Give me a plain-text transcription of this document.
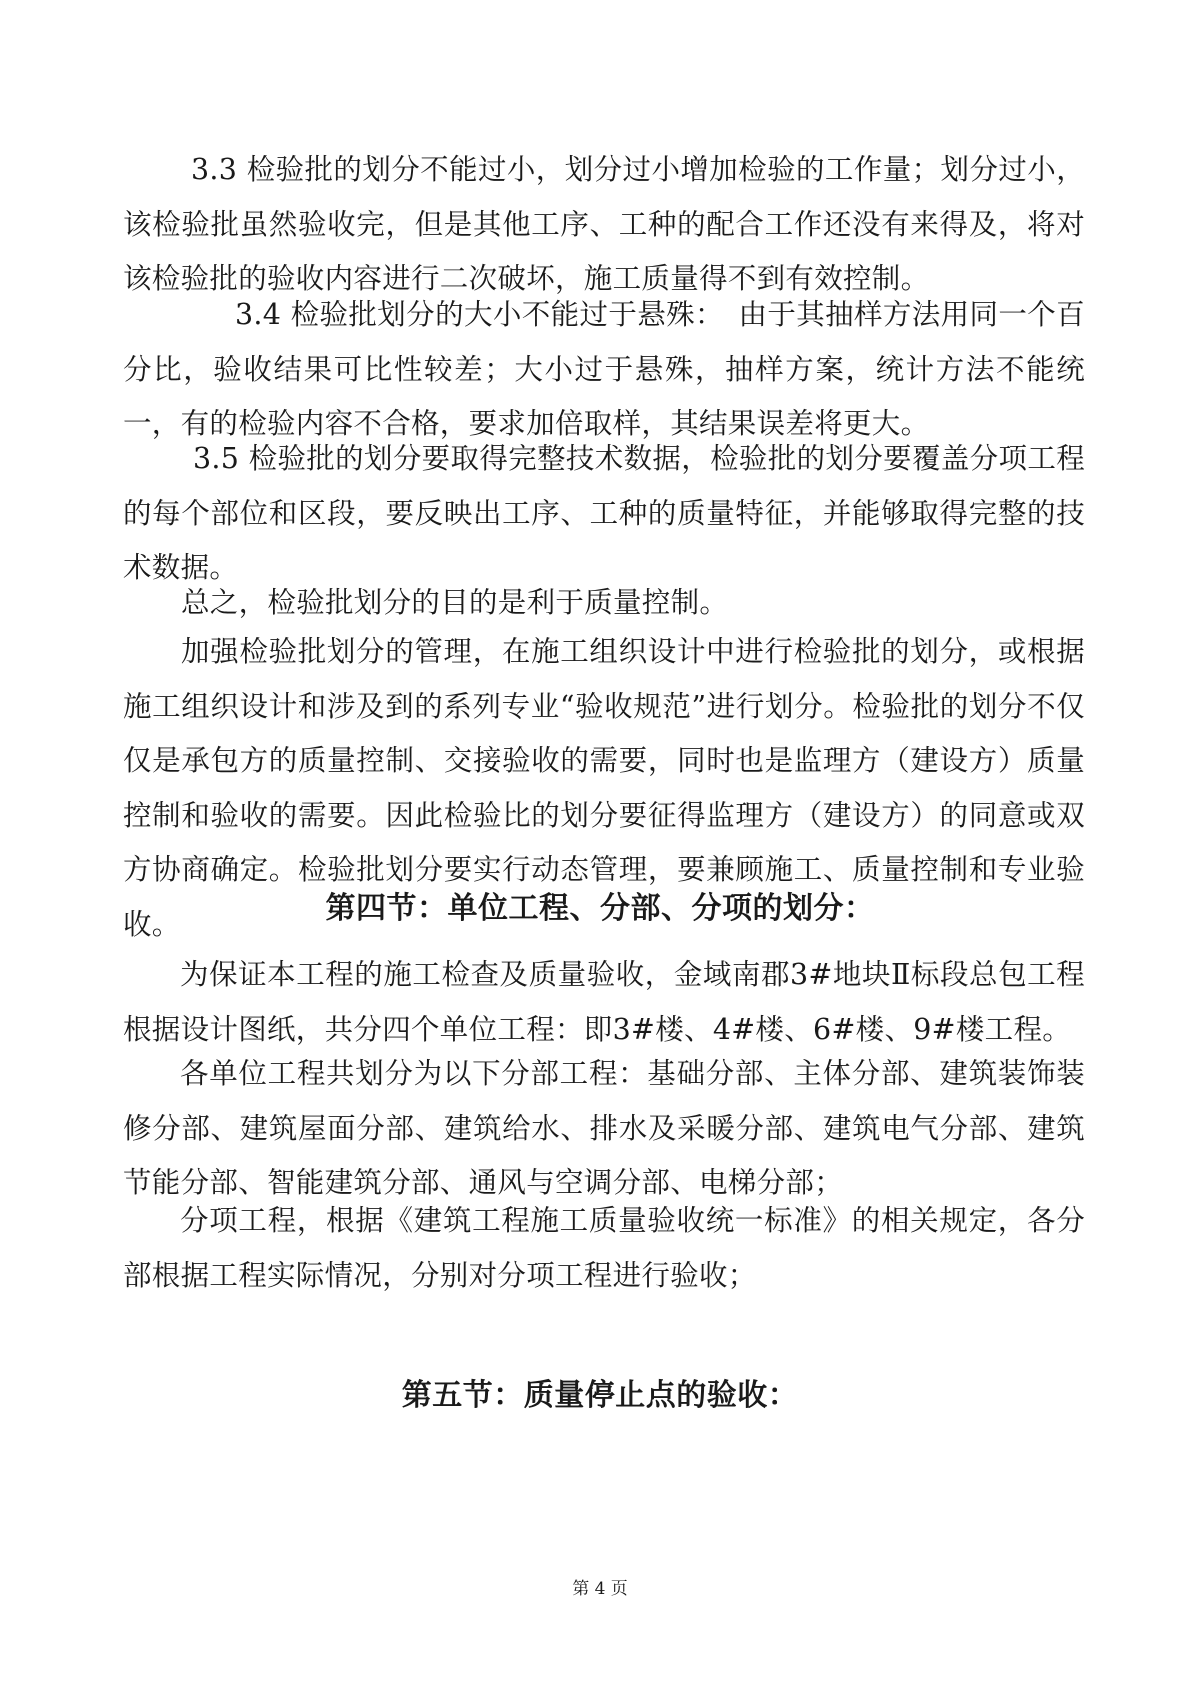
3.3 检验批的划分不能过小，划分过小增加检验的工作量；划分过小，该检验批虽然验收完，但是其他工序、工种的配合工作还没有来得及，将对该检验批的验收内容进行二次破坏，施工质量得不到有效控制。

3.4 检验批划分的大小不能过于悬殊：　由于其抽样方法用同一个百分比，验收结果可比性较差；大小过于悬殊，抽样方案，统计方法不能统一，有的检验内容不合格，要求加倍取样，其结果误差将更大。

3.5 检验批的划分要取得完整技术数据，检验批的划分要覆盖分项工程的每个部位和区段，要反映出工序、工种的质量特征，并能够取得完整的技术数据。

总之，检验批划分的目的是利于质量控制。

加强检验批划分的管理，在施工组织设计中进行检验批的划分，或根据施工组织设计和涉及到的系列专业“验收规范”进行划分。检验批的划分不仅仅是承包方的质量控制、交接验收的需要，同时也是监理方（建设方）质量控制和验收的需要。因此检验比的划分要征得监理方（建设方）的同意或双方协商确定。检验批划分要实行动态管理，要兼顾施工、质量控制和专业验收。	第四节：单位工程、分部、分项的划分：

为保证本工程的施工检查及质量验收，金域南郡3#地块Ⅱ标段总包工程根据设计图纸，共分四个单位工程：即3#楼、4#楼、6#楼、9#楼工程。

各单位工程共划分为以下分部工程：基础分部、主体分部、建筑装饰装修分部、建筑屋面分部、建筑给水、排水及采暖分部、建筑电气分部、建筑节能分部、智能建筑分部、通风与空调分部、电梯分部；

分项工程，根据《建筑工程施工质量验收统一标准》的相关规定，各分部根据工程实际情况，分别对分项工程进行验收；

第五节：质量停止点的验收：
第 4 页
